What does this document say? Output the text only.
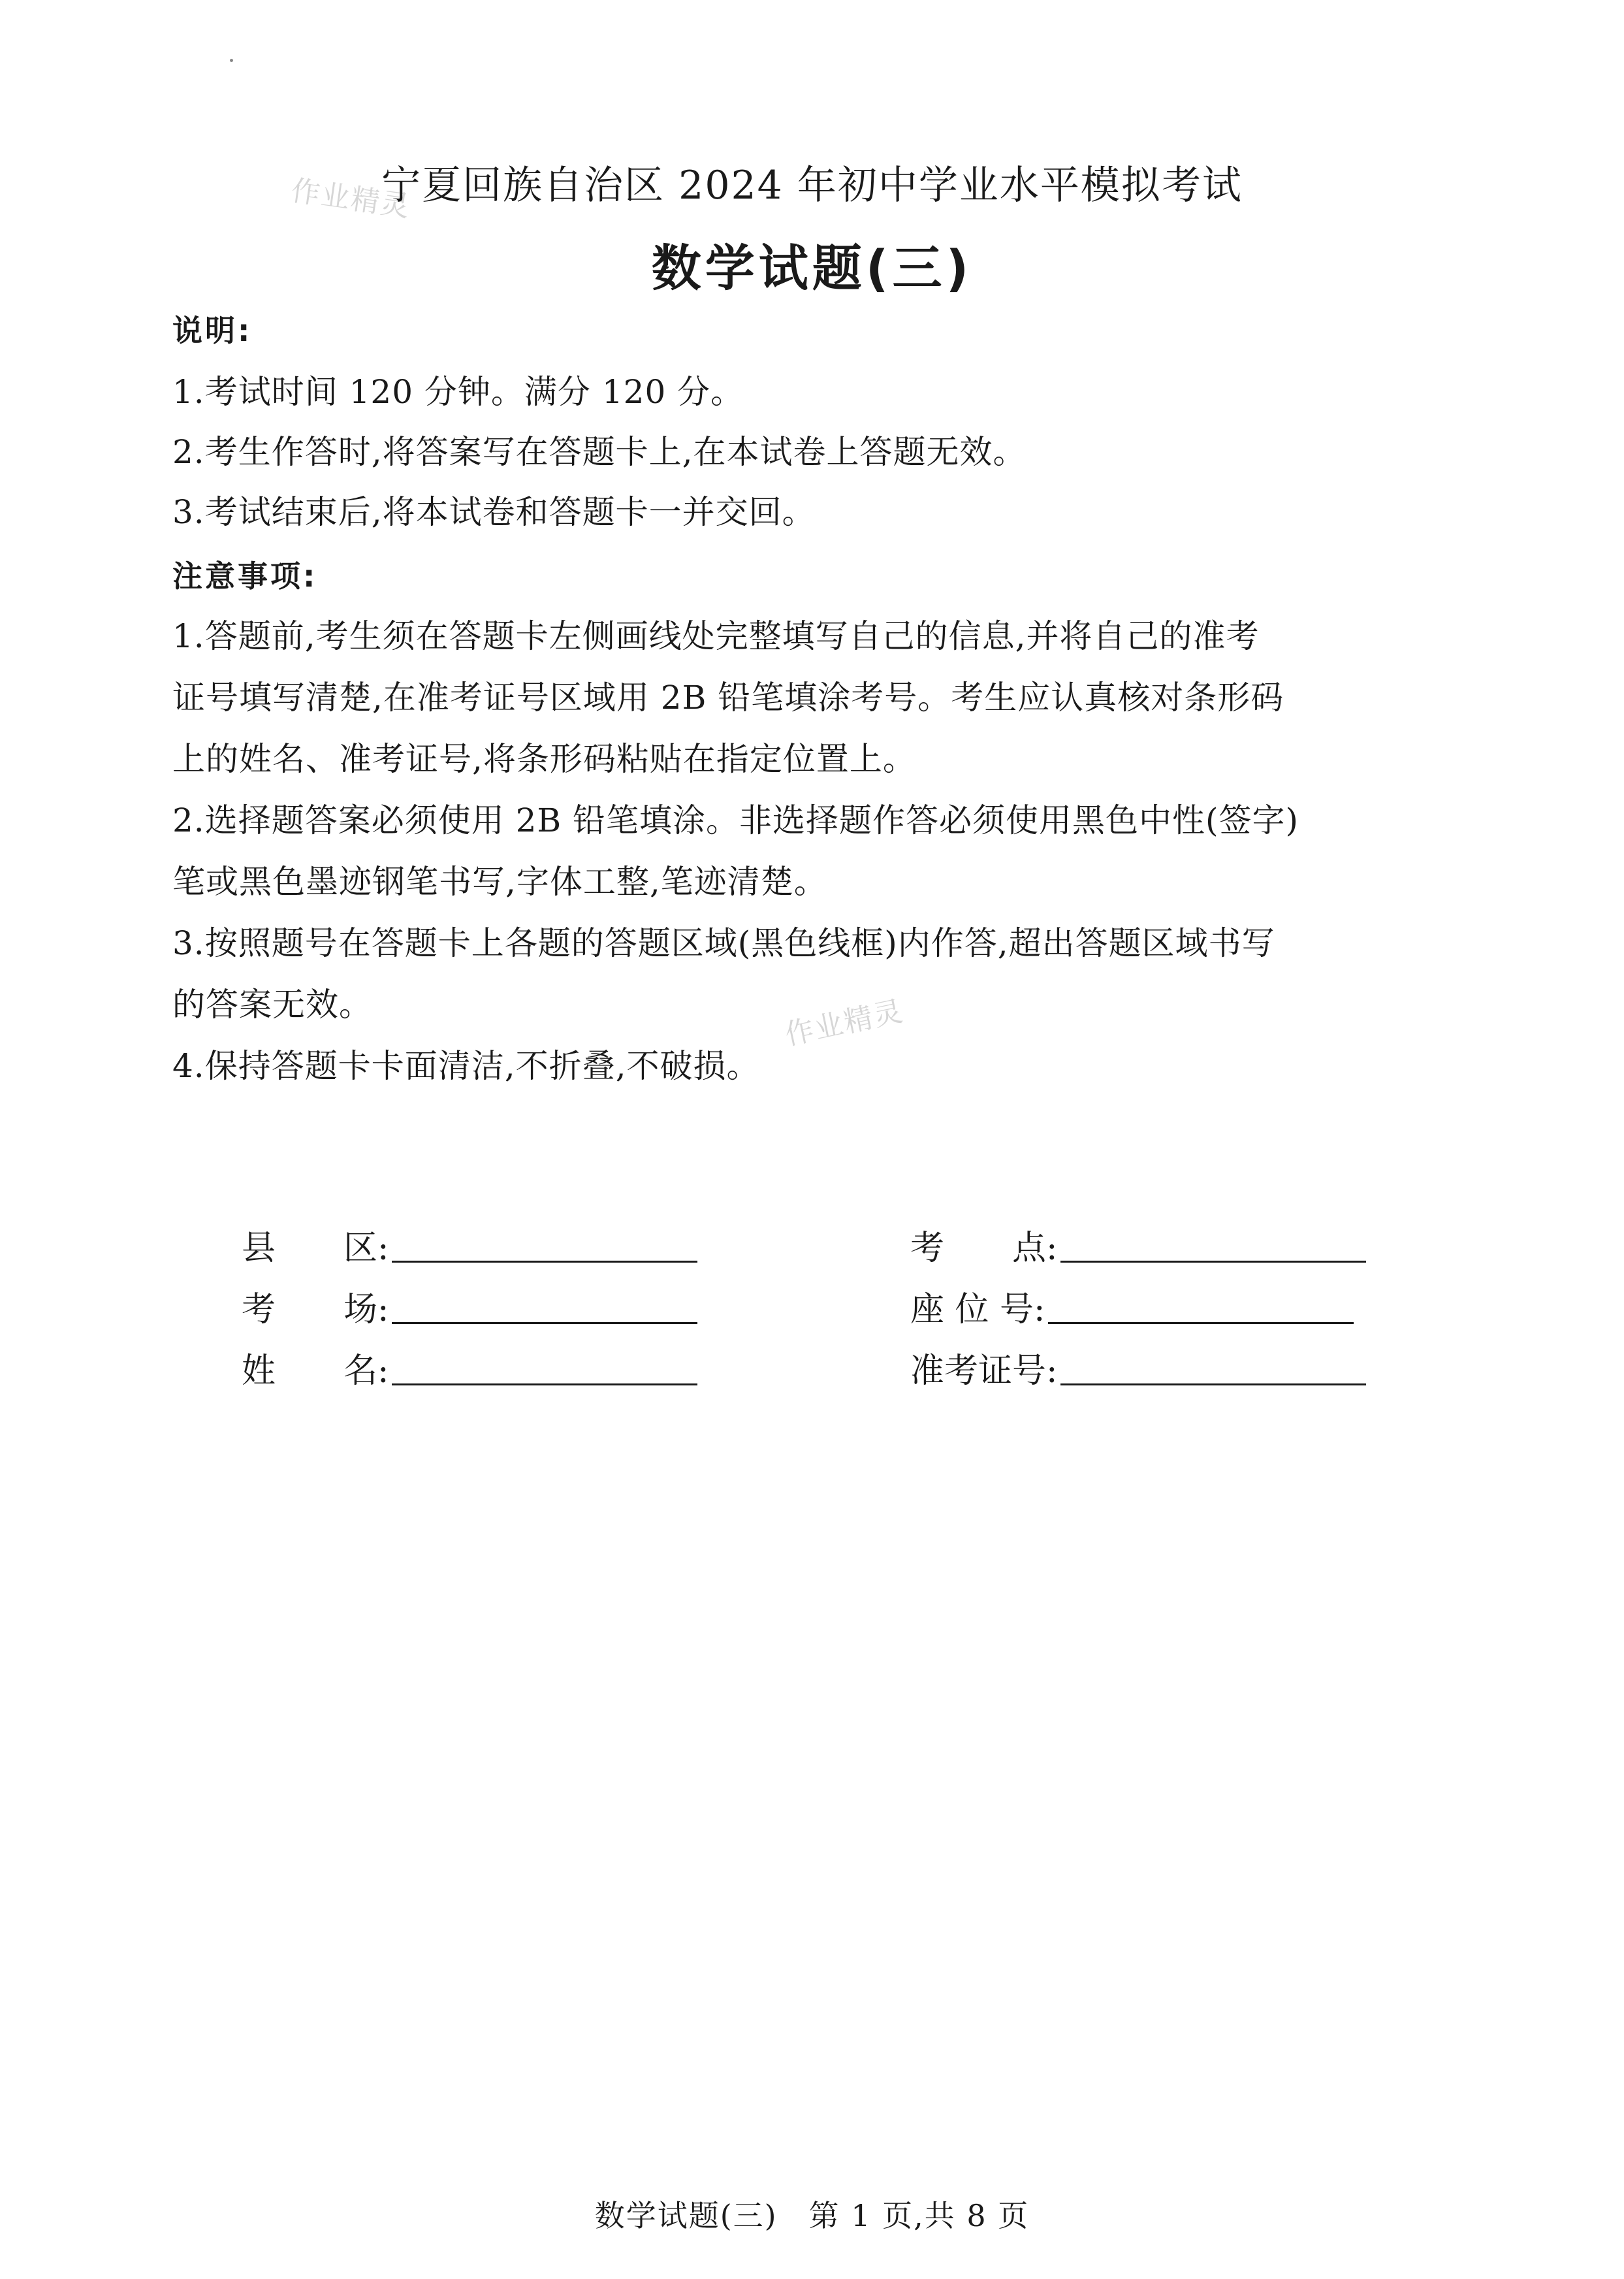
作业精灵
作业精灵
宁夏回族自治区 2024 年初中学业水平模拟考试
数学试题(三)
说明:
1.考试时间 120 分钟。满分 120 分。
2.考生作答时,将答案写在答题卡上,在本试卷上答题无效。
3.考试结束后,将本试卷和答题卡一并交回。
注意事项:
1.答题前,考生须在答题卡左侧画线处完整填写自己的信息,并将自己的准考
证号填写清楚,在准考证号区域用 2B 铅笔填涂考号。考生应认真核对条形码
上的姓名、准考证号,将条形码粘贴在指定位置上。
2.选择题答案必须使用 2B 铅笔填涂。非选择题作答必须使用黑色中性(签字)
笔或黑色墨迹钢笔书写,字体工整,笔迹清楚。
3.按照题号在答题卡上各题的答题区域(黑色线框)内作答,超出答题区域书写
的答案无效。
4.保持答题卡卡面清洁,不折叠,不破损。
县　　区:	考　　点:
考　　场:	座 位 号:
姓　　名:	准考证号:
数学试题(三)　第 1 页,共 8 页
